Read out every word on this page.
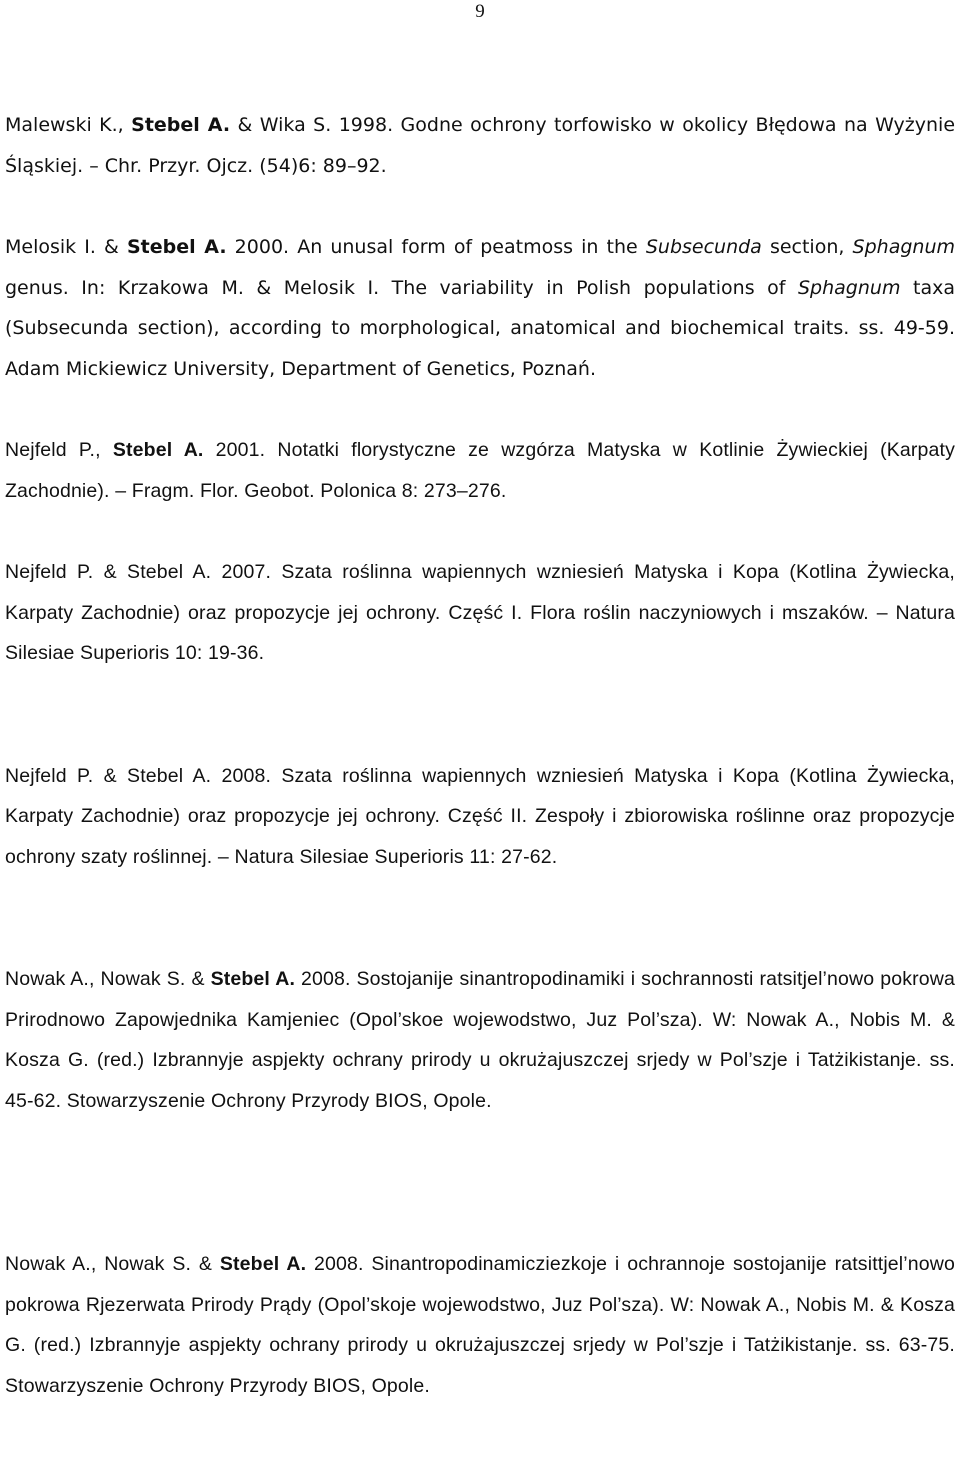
9

Malewski K., Stebel A. & Wika S. 1998. Godne ochrony torfowisko w okolicy Błędowa na Wyżynie Śląskiej. – Chr. Przyr. Ojcz. (54)6: 89–92.

Melosik I. & Stebel A. 2000. An unusal form of peatmoss in the Subsecunda section, Sphagnum genus. In: Krzakowa M. & Melosik I. The variability in Polish populations of Sphagnum taxa (Subsecunda section), according to morphological, anatomical and biochemical traits. ss. 49-59. Adam Mickiewicz University, Department of Genetics, Poznań.

Nejfeld P., Stebel A. 2001. Notatki florystyczne ze wzgórza Matyska w Kotlinie Żywieckiej (Karpaty Zachodnie). – Fragm. Flor. Geobot. Polonica 8: 273–276.

Nejfeld P. & Stebel A. 2007. Szata roślinna wapiennych wzniesień Matyska i Kopa (Kotlina Żywiecka, Karpaty Zachodnie) oraz propozycje jej ochrony. Część I. Flora roślin naczyniowych i mszaków. – Natura Silesiae Superioris 10: 19-36.

Nejfeld P. & Stebel A. 2008. Szata roślinna wapiennych wzniesień Matyska i Kopa (Kotlina Żywiecka, Karpaty Zachodnie) oraz propozycje jej ochrony. Część II. Zespoły i zbiorowiska roślinne oraz propozycje ochrony szaty roślinnej. – Natura Silesiae Superioris 11: 27-62.

Nowak A., Nowak S. & Stebel A. 2008. Sostojanije sinantropodinamiki i sochrannosti ratsitjel’nowo pokrowa Prirodnowo Zapowjednika Kamjeniec (Opol’skoe wojewodstwo, Juz Pol’sza). W: Nowak A., Nobis M. & Kosza G. (red.) Izbrannyje aspjekty ochrany prirody u okrużajuszczej srjedy w Pol’szje i Tatżikistanje. ss. 45-62. Stowarzyszenie Ochrony Przyrody BIOS, Opole.

Nowak A., Nowak S. & Stebel A. 2008. Sinantropodinamicziezkoje i ochrannoje sostojanije ratsittjel’nowo pokrowa Rjezerwata Prirody Prądy (Opol’skoje wojewodstwo, Juz Pol’sza). W: Nowak A., Nobis M. & Kosza G. (red.) Izbrannyje aspjekty ochrany prirody u okrużajuszczej srjedy w Pol’szje i Tatżikistanje. ss. 63-75. Stowarzyszenie Ochrony Przyrody BIOS, Opole.
